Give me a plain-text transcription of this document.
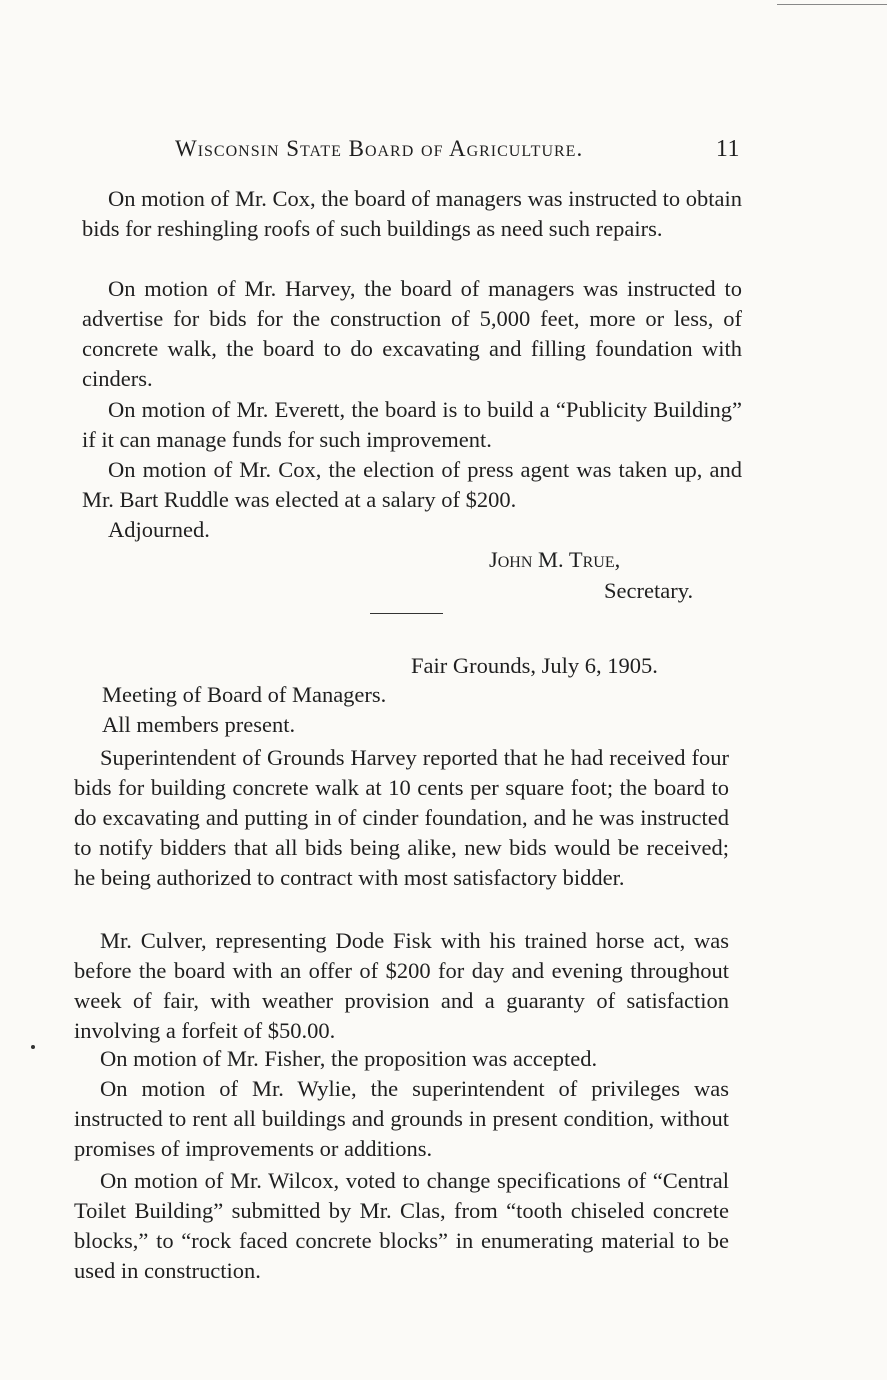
Wisconsin State Board of Agriculture.	11

On motion of Mr. Cox, the board of managers was instructed to obtain bids for reshingling roofs of such buildings as need such repairs.

On motion of Mr. Harvey, the board of managers was instructed to advertise for bids for the construction of 5,000 feet, more or less, of concrete walk, the board to do excavating and filling foundation with cinders.

On motion of Mr. Everett, the board is to build a “Publicity Building” if it can manage funds for such improvement.

On motion of Mr. Cox, the election of press agent was taken up, and Mr. Bart Ruddle was elected at a salary of $200.

Adjourned.

John M. True,

Secretary.

Fair Grounds, July 6, 1905.

Meeting of Board of Managers.

All members present.

Superintendent of Grounds Harvey reported that he had received four bids for building concrete walk at 10 cents per square foot; the board to do excavating and putting in of cinder foundation, and he was instructed to notify bidders that all bids being alike, new bids would be received; he being authorized to contract with most satisfactory bidder.

Mr. Culver, representing Dode Fisk with his trained horse act, was before the board with an offer of $200 for day and evening throughout week of fair, with weather provision and a guaranty of satisfaction involving a forfeit of $50.00.

On motion of Mr. Fisher, the proposition was accepted.

On motion of Mr. Wylie, the superintendent of privileges was instructed to rent all buildings and grounds in present condition, without promises of improvements or additions.

On motion of Mr. Wilcox, voted to change specifications of “Central Toilet Building” submitted by Mr. Clas, from “tooth chiseled concrete blocks,” to “rock faced concrete blocks” in enumerating material to be used in construction.
